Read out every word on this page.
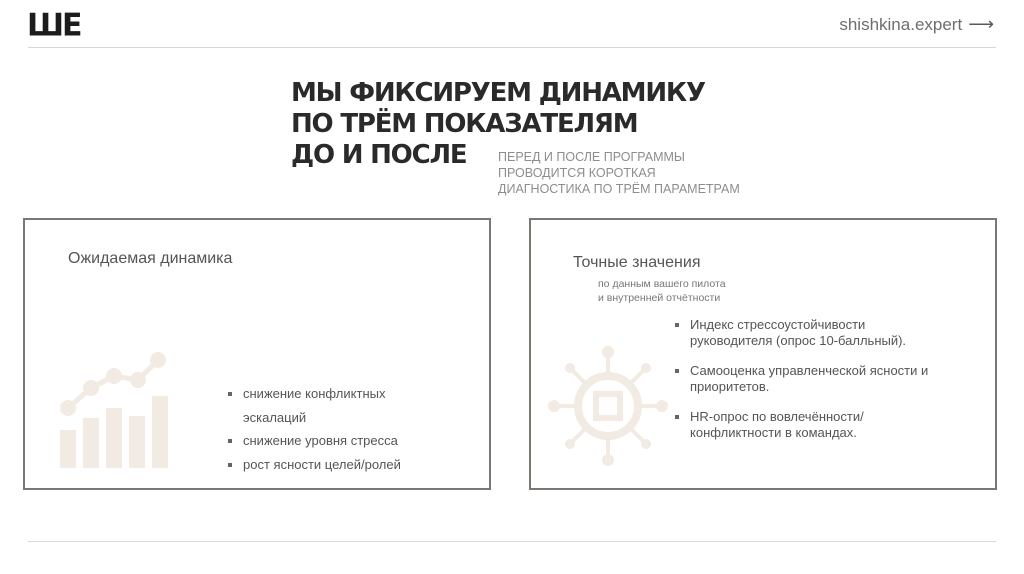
ШЕ	shishkina.expert ⟶
МЫ ФИКСИРУЕМ ДИНАМИКУ
ПО ТРЁМ ПОКАЗАТЕЛЯМ
ДО И ПОСЛЕ	ПЕРЕД И ПОСЛЕ ПРОГРАММЫ
ПРОВОДИТСЯ КОРОТКАЯ
ДИАГНОСТИКА ПО ТРЁМ ПАРАМЕТРАМ
Ожидаемая динамика
снижение конфликтных
эскалаций
снижение уровня стресса
рост ясности целей/ролей
Точные значения
по данным вашего пилота
и внутренней отчётности
Индекс стрессоустойчивости руководителя (опрос 10-балльный).
Самооценка управленческой ясности и приоритетов.
HR-опрос по вовлечённости/конфликтности в командах.
